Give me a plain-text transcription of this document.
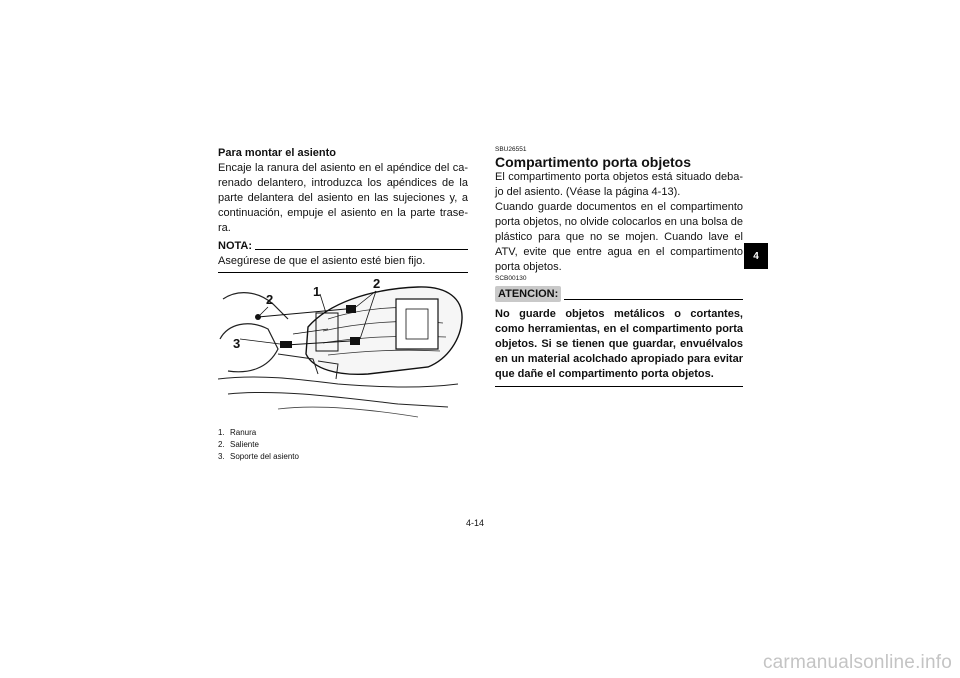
Para montar el asiento
Encaje la ranura del asiento en el apéndice del ca-renado delantero, introduzca los apéndices de la parte delantera del asiento en las sujeciones y, a continuación, empuje el asiento en la parte trase-ra.
NOTA:
Asegúrese de que el asiento esté bien fijo.
2
1
2
3
1. Ranura
2. Saliente
3. Soporte del asiento
SBU26551
Compartimento porta objetos
El compartimento porta objetos está situado deba-jo del asiento. (Véase la página 4-13).
Cuando guarde documentos en el compartimento porta objetos, no olvide colocarlos en una bolsa de plástico para que no se mojen. Cuando lave el ATV, evite que entre agua en el compartimento porta objetos.
SCB00130
ATENCION:
No guarde objetos metálicos o cortantes, como herramientas, en el compartimento porta objetos. Si se tienen que guardar, envuélvalos en un material acolchado apropiado para evitar que dañe el compartimento porta objetos.
4
4-14
carmanualsonline.info
